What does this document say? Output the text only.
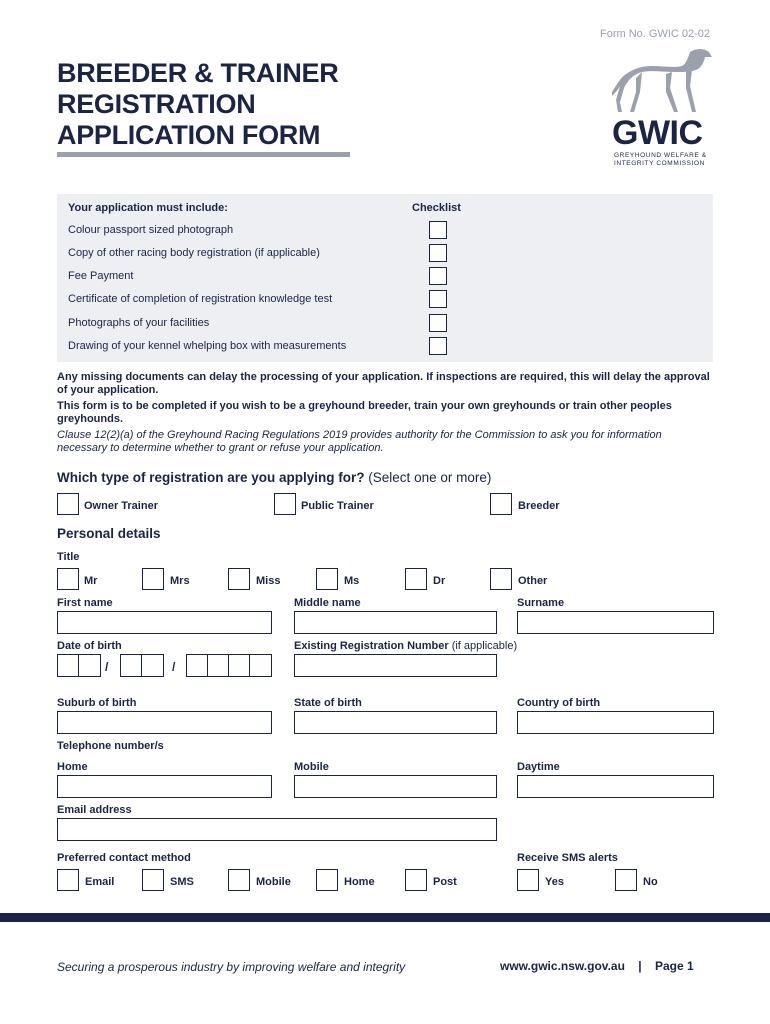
Form No. GWIC 02-02
BREEDER & TRAINER
REGISTRATION
APPLICATION FORM	GWIC
GREYHOUND WELFARE &
INTEGRITY COMMISSION
Your application must include:	Checklist
Colour passport sized photograph
Copy of other racing body registration (if applicable)
Fee Payment
Certificate of completion of registration knowledge test
Photographs of your facilities
Drawing of your kennel whelping box with measurements
Any missing documents can delay the processing of your application. If inspections are required, this will delay the approval of your application.
This form is to be completed if you wish to be a greyhound breeder, train your own greyhounds or train other peoples greyhounds.
Clause 12(2)(a) of the Greyhound Racing Regulations 2019 provides authority for the Commission to ask you for information necessary to determine whether to grant or refuse your application.
Which type of registration are you applying for? (Select one or more)
Owner Trainer	Public Trainer	Breeder
Personal details
Title
Mr	Mrs	Miss	Ms	Dr	Other
First name	Middle name	Surname
Date of birth	Existing Registration Number (if applicable)
/	/
Suburb of birth	State of birth	Country of birth
Telephone number/s
Home	Mobile	Daytime
Email address
Preferred contact method	Receive SMS alerts
Email	SMS	Mobile	Home	Post	Yes	No
Securing a prosperous industry by improving welfare and integrity	www.gwic.nsw.gov.au | Page 1
